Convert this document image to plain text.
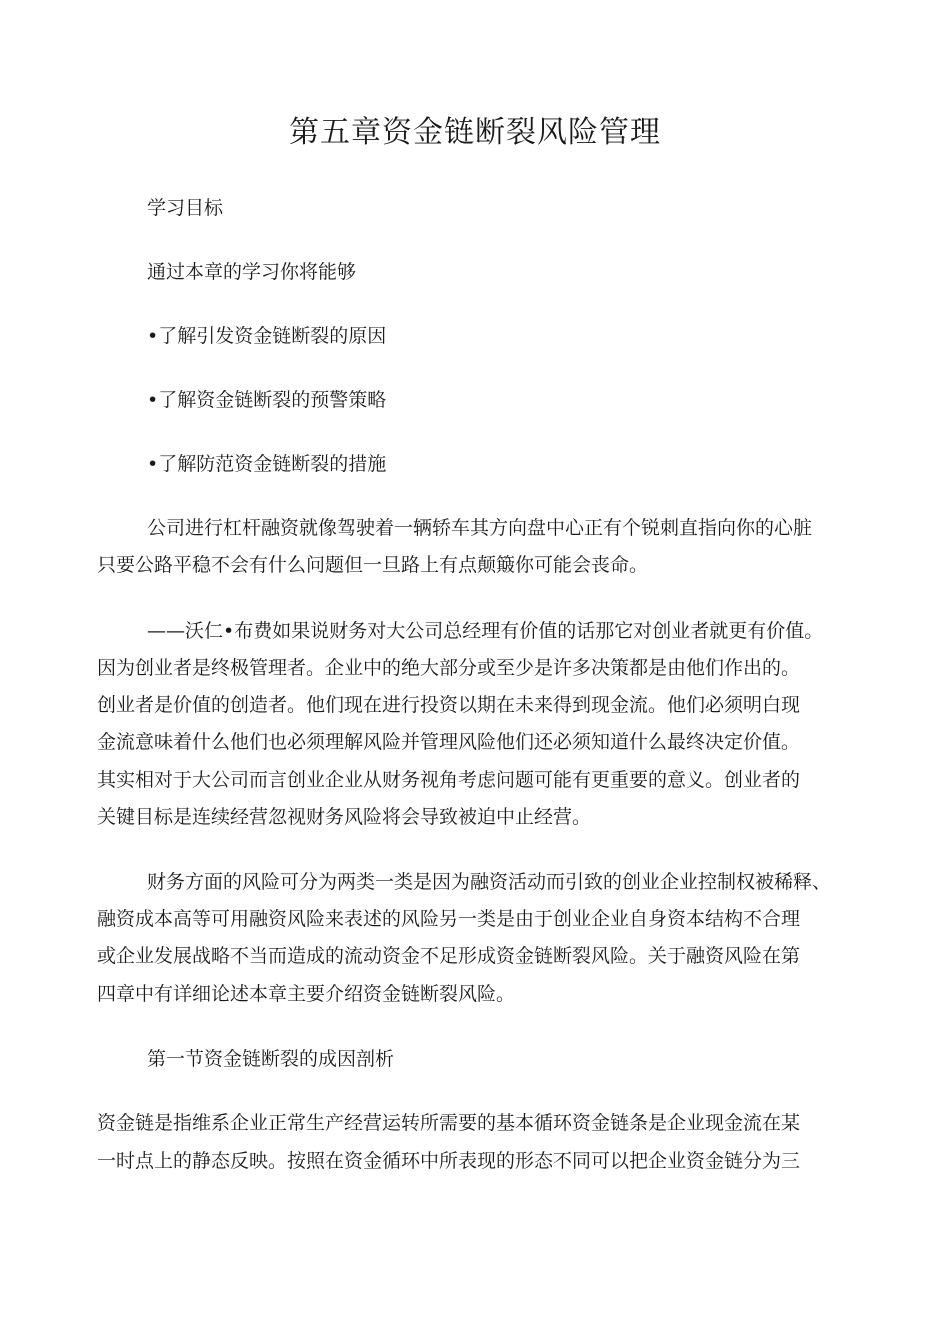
第五章资金链断裂风险管理

学习目标

通过本章的学习你将能够

•了解引发资金链断裂的原因

•了解资金链断裂的预警策略

•了解防范资金链断裂的措施

公司进行杠杆融资就像驾驶着一辆轿车其方向盘中心正有个锐刺直指向你的心脏

只要公路平稳不会有什么问题但一旦路上有点颠簸你可能会丧命。

——沃仁•布费如果说财务对大公司总经理有价值的话那它对创业者就更有价值。

因为创业者是终极管理者。企业中的绝大部分或至少是许多决策都是由他们作出的。

创业者是价值的创造者。他们现在进行投资以期在未来得到现金流。他们必须明白现

金流意味着什么他们也必须理解风险并管理风险他们还必须知道什么最终决定价值。

其实相对于大公司而言创业企业从财务视角考虑问题可能有更重要的意义。创业者的

关键目标是连续经营忽视财务风险将会导致被迫中止经营。

财务方面的风险可分为两类一类是因为融资活动而引致的创业企业控制权被稀释、

融资成本高等可用融资风险来表述的风险另一类是由于创业企业自身资本结构不合理

或企业发展战略不当而造成的流动资金不足形成资金链断裂风险。关于融资风险在第

四章中有详细论述本章主要介绍资金链断裂风险。

第一节资金链断裂的成因剖析

资金链是指维系企业正常生产经营运转所需要的基本循环资金链条是企业现金流在某

一时点上的静态反映。按照在资金循环中所表现的形态不同可以把企业资金链分为三
